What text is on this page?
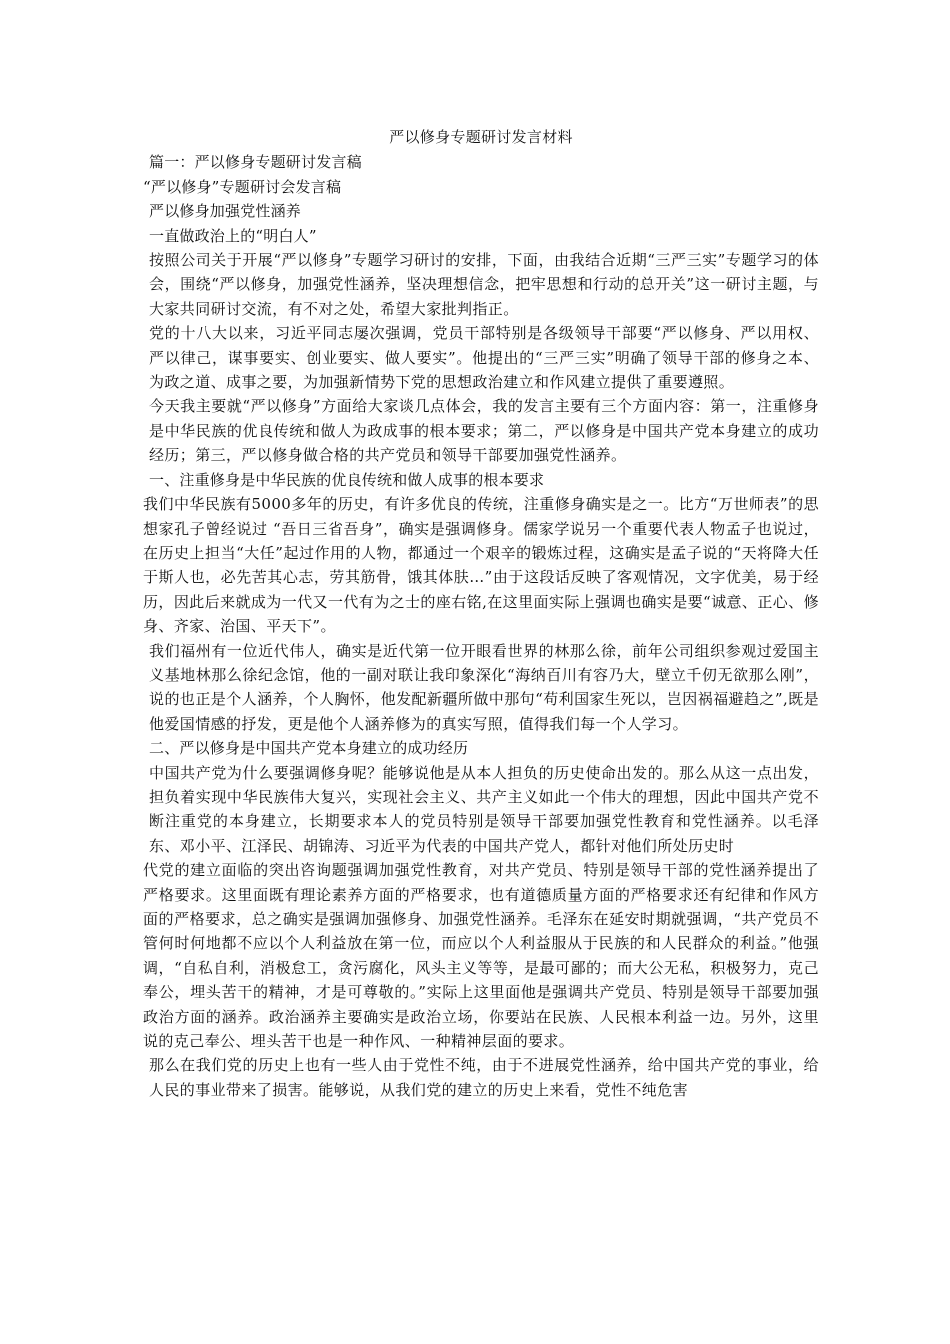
严以修身专题研讨发言材料

篇一：严以修身专题研讨发言稿

“严以修身”专题研讨会发言稿

严以修身加强党性涵养

一直做政治上的“明白人”

按照公司关于开展“严以修身”专题学习研讨的安排，下面，由我结合近期“三严三实”专题学习的体会，围绕“严以修身，加强党性涵养，坚决理想信念，把牢思想和行动的总开关”这一研讨主题，与大家共同研讨交流，有不对之处，希望大家批判指正。

党的十八大以来，习近平同志屡次强调，党员干部特别是各级领导干部要“严以修身、严以用权、严以律己，谋事要实、创业要实、做人要实”。他提出的“三严三实”明确了领导干部的修身之本、为政之道、成事之要，为加强新情势下党的思想政治建立和作风建立提供了重要遵照。

今天我主要就“严以修身”方面给大家谈几点体会，我的发言主要有三个方面内容：第一，注重修身是中华民族的优良传统和做人为政成事的根本要求；第二，严以修身是中国共产党本身建立的成功经历；第三，严以修身做合格的共产党员和领导干部要加强党性涵养。

一、注重修身是中华民族的优良传统和做人成事的根本要求

我们中华民族有5000多年的历史，有许多优良的传统，注重修身确实是之一。比方“万世师表”的思想家孔子曾经说过 “吾日三省吾身”，确实是强调修身。儒家学说另一个重要代表人物孟子也说过，在历史上担当“大任”起过作用的人物，都通过一个艰辛的锻炼过程，这确实是孟子说的“天将降大任于斯人也，必先苦其心志，劳其筋骨，饿其体肤…”由于这段话反映了客观情况，文字优美，易于经历，因此后来就成为一代又一代有为之士的座右铭,在这里面实际上强调也确实是要“诚意、正心、修身、齐家、治国、平天下”。

我们福州有一位近代伟人，确实是近代第一位开眼看世界的林那么徐，前年公司组织参观过爱国主义基地林那么徐纪念馆，他的一副对联让我印象深化“海纳百川有容乃大，壁立千仞无欲那么刚”，说的也正是个人涵养，个人胸怀，他发配新疆所做中那句“苟利国家生死以，岂因祸福避趋之”,既是他爱国情感的抒发，更是他个人涵养修为的真实写照，值得我们每一个人学习。

二、严以修身是中国共产党本身建立的成功经历

中国共产党为什么要强调修身呢？能够说他是从本人担负的历史使命出发的。那么从这一点出发，担负着实现中华民族伟大复兴，实现社会主义、共产主义如此一个伟大的理想，因此中国共产党不断注重党的本身建立，长期要求本人的党员特别是领导干部要加强党性教育和党性涵养。以毛泽东、邓小平、江泽民、胡锦涛、习近平为代表的中国共产党人，都针对他们所处历史时

代党的建立面临的突出咨询题强调加强党性教育，对共产党员、特别是领导干部的党性涵养提出了严格要求。这里面既有理论素养方面的严格要求，也有道德质量方面的严格要求还有纪律和作风方面的严格要求，总之确实是强调加强修身、加强党性涵养。毛泽东在延安时期就强调，“共产党员不管何时何地都不应以个人利益放在第一位，而应以个人利益服从于民族的和人民群众的利益。”他强调，“自私自利，消极怠工，贪污腐化，风头主义等等，是最可鄙的；而大公无私，积极努力，克己奉公，埋头苦干的精神，才是可尊敬的。”实际上这里面他是强调共产党员、特别是领导干部要加强政治方面的涵养。政治涵养主要确实是政治立场，你要站在民族、人民根本利益一边。另外，这里说的克己奉公、埋头苦干也是一种作风、一种精神层面的要求。

那么在我们党的历史上也有一些人由于党性不纯，由于不进展党性涵养，给中国共产党的事业，给人民的事业带来了损害。能够说，从我们党的建立的历史上来看，党性不纯危害
